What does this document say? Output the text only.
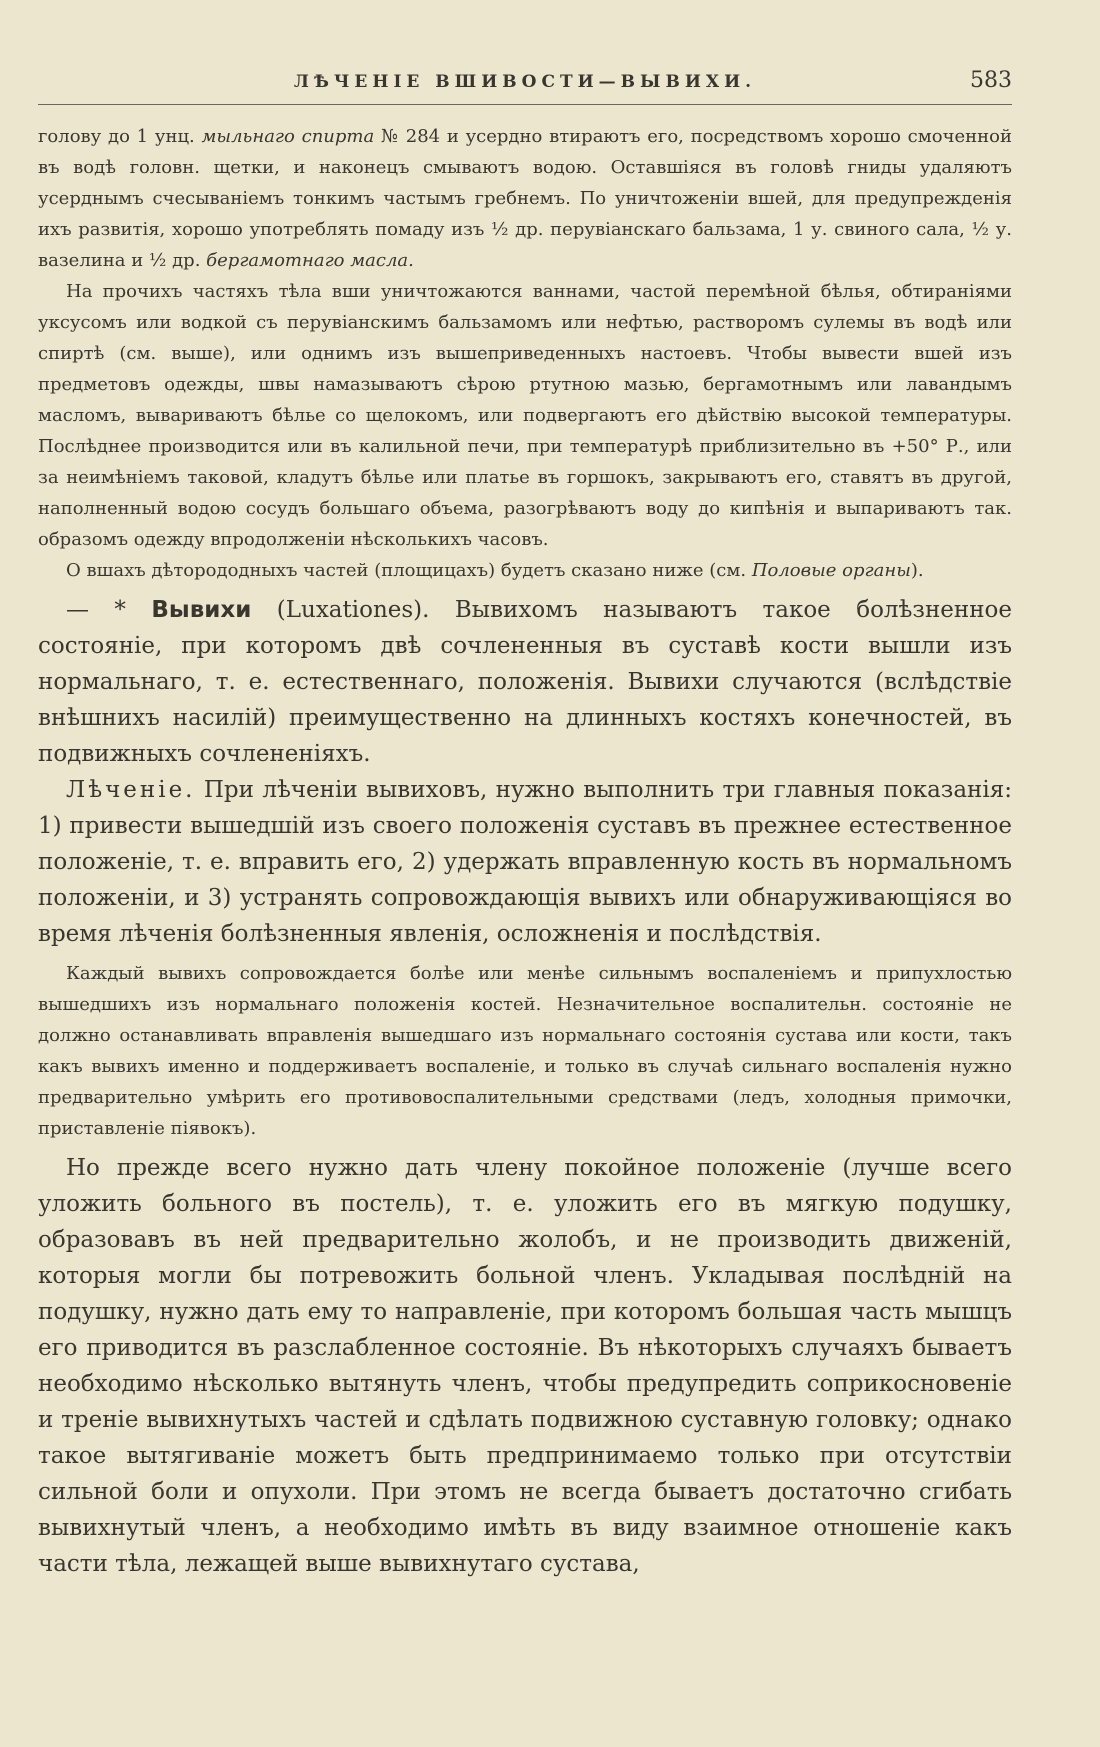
ЛѢЧЕНІЕ ВШИВОСТИ—ВЫВИХИ.	583

голову до 1 унц. мыльнаго спирта № 284 и усердно втираютъ его, посредствомъ хорошо смоченной въ водѣ головн. щетки, и наконецъ смываютъ водою. Оставшіяся въ головѣ гниды удаляютъ усерднымъ счесываніемъ тонкимъ частымъ гребнемъ. По уничтоженіи вшей, для предупрежденія ихъ развитія, хорошо употреблять помаду изъ ½ др. перувіанскаго бальзама, 1 у. свиного сала, ½ у. вазелина и ½ др. бергамотнаго масла.

На прочихъ частяхъ тѣла вши уничтожаются ваннами, частой перемѣной бѣлья, обтираніями уксусомъ или водкой съ перувіанскимъ бальзамомъ или нефтью, растворомъ сулемы въ водѣ или спиртѣ (см. выше), или однимъ изъ вышеприведенныхъ настоевъ. Чтобы вывести вшей изъ предметовъ одежды, швы намазываютъ сѣрою ртутною мазью, бергамотнымъ или лавандымъ масломъ, вывариваютъ бѣлье со щелокомъ, или подвергаютъ его дѣйствію высокой температуры. Послѣднее производится или въ калильной печи, при температурѣ приблизительно въ +50° Р., или за неимѣніемъ таковой, кладутъ бѣлье или платье въ горшокъ, закрываютъ его, ставятъ въ другой, наполненный водою сосудъ большаго объема, разогрѣваютъ воду до кипѣнія и выпариваютъ так. образомъ одежду впродолженіи нѣсколькихъ часовъ.

О вшахъ дѣторододныхъ частей (площицахъ) будетъ сказано ниже (см. Половые органы).

— * Вывихи (Luxationes). Вывихомъ называютъ такое болѣзненное состояніе, при которомъ двѣ сочлененныя въ суставѣ кости вышли изъ нормальнаго, т. е. естественнаго, положенія. Вывихи случаются (вслѣдствіе внѣшнихъ насилій) преимущественно на длинныхъ костяхъ конечностей, въ подвижныхъ сочлененіяхъ.

Лѣченіе. При лѣченіи вывиховъ, нужно выполнить три главныя показанія: 1) привести вышедшій изъ своего положенія суставъ въ прежнее естественное положеніе, т. е. вправить его, 2) удержать вправленную кость въ нормальномъ положеніи, и 3) устранять сопровождающія вывихъ или обнаруживающіяся во время лѣченія болѣзненныя явленія, осложненія и послѣдствія.

Каждый вывихъ сопровождается болѣе или менѣе сильнымъ воспаленіемъ и припухлостью вышедшихъ изъ нормальнаго положенія костей. Незначительное воспалительн. состояніе не должно останавливать вправленія вышедшаго изъ нормальнаго состоянія сустава или кости, такъ какъ вывихъ именно и поддерживаетъ воспаленіе, и только въ случаѣ сильнаго воспаленія нужно предварительно умѣрить его противовоспалительными средствами (ледъ, холодныя примочки, приставленіе піявокъ).

Но прежде всего нужно дать члену покойное положеніе (лучше всего уложить больного въ постель), т. е. уложить его въ мягкую подушку, образовавъ въ ней предварительно жолобъ, и не производить движеній, которыя могли бы потревожить больной членъ. Укладывая послѣдній на подушку, нужно дать ему то направленіе, при которомъ большая часть мышцъ его приводится въ разслабленное состояніе. Въ нѣкоторыхъ случаяхъ бываетъ необходимо нѣсколько вытянуть членъ, чтобы предупредить соприкосновеніе и треніе вывихнутыхъ частей и сдѣлать подвижною суставную головку; однако такое вытягиваніе можетъ быть предпринимаемо только при отсутствіи сильной боли и опухоли. При этомъ не всегда бываетъ достаточно сгибать вывихнутый членъ, а необходимо имѣть въ виду взаимное отношеніе какъ части тѣла, лежащей выше вывихнутаго сустава,
